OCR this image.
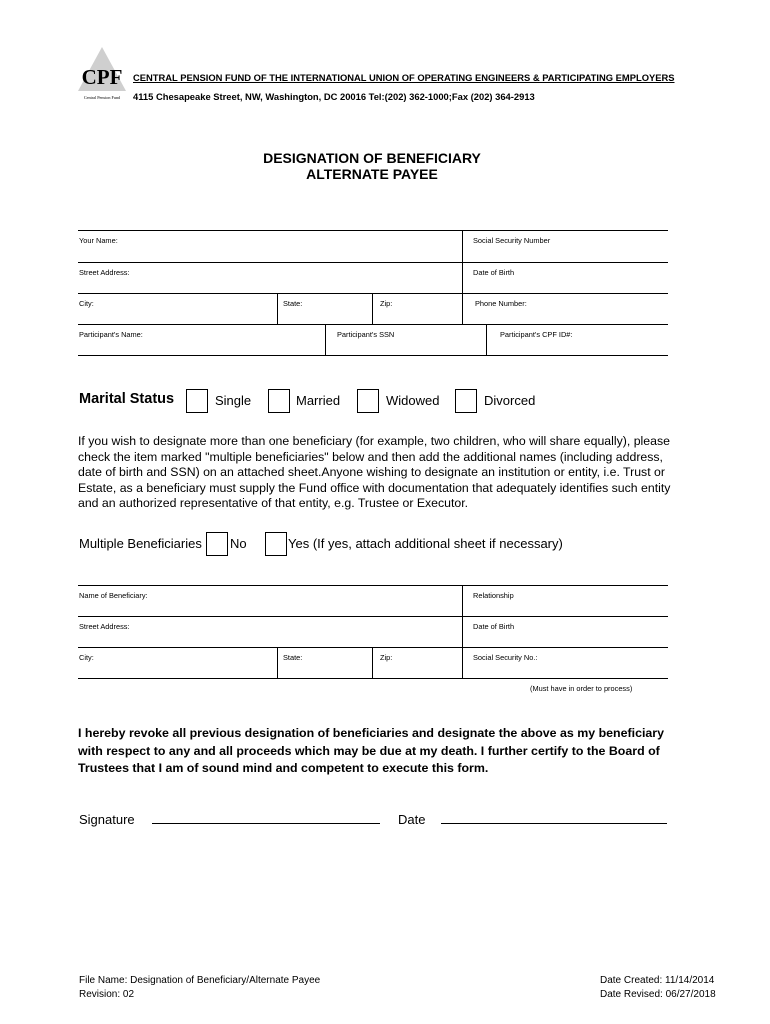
CPF
Central Pension Fund
CENTRAL PENSION FUND OF THE INTERNATIONAL UNION OF OPERATING ENGINEERS & PARTICIPATING EMPLOYERS
4115 Chesapeake Street, NW, Washington, DC 20016 Tel:(202) 362-1000;Fax (202) 364-2913
DESIGNATION OF BENEFICIARY
ALTERNATE PAYEE
Your Name:	Social Security Number
Street Address:	Date of Birth
City:	State:	Zip:	Phone Number:
Participant's Name:	Participant's SSN	Participant's CPF ID#:
Marital Status	Single	Married	Widowed	Divorced
If you wish to designate more than one beneficiary (for example, two children, who will share equally), please check the item marked "multiple beneficiaries" below and then add the additional names (including address, date of birth and SSN) on an attached sheet.Anyone wishing to designate an institution or entity, i.e. Trust or Estate, as a beneficiary must supply the Fund office with documentation that adequately identifies such entity and an authorized representative of that entity, e.g. Trustee or Executor.
Multiple Beneficiaries No	Yes (If yes, attach additional sheet if necessary)
Name of Beneficiary:	Relationship
Street Address:	Date of Birth
City:	State:	Zip:	Social Security No.:
(Must have in order to process)
I hereby revoke all previous designation of beneficiaries and designate the above as my beneficiary with respect to any and all proceeds which may be due at my death. I further certify to the Board of Trustees that I am of sound mind and competent to execute this form.
Signature	Date
File Name: Designation of Beneficiary/Alternate Payee
Revision: 02
Date Created: 11/14/2014
Date Revised: 06/27/2018
